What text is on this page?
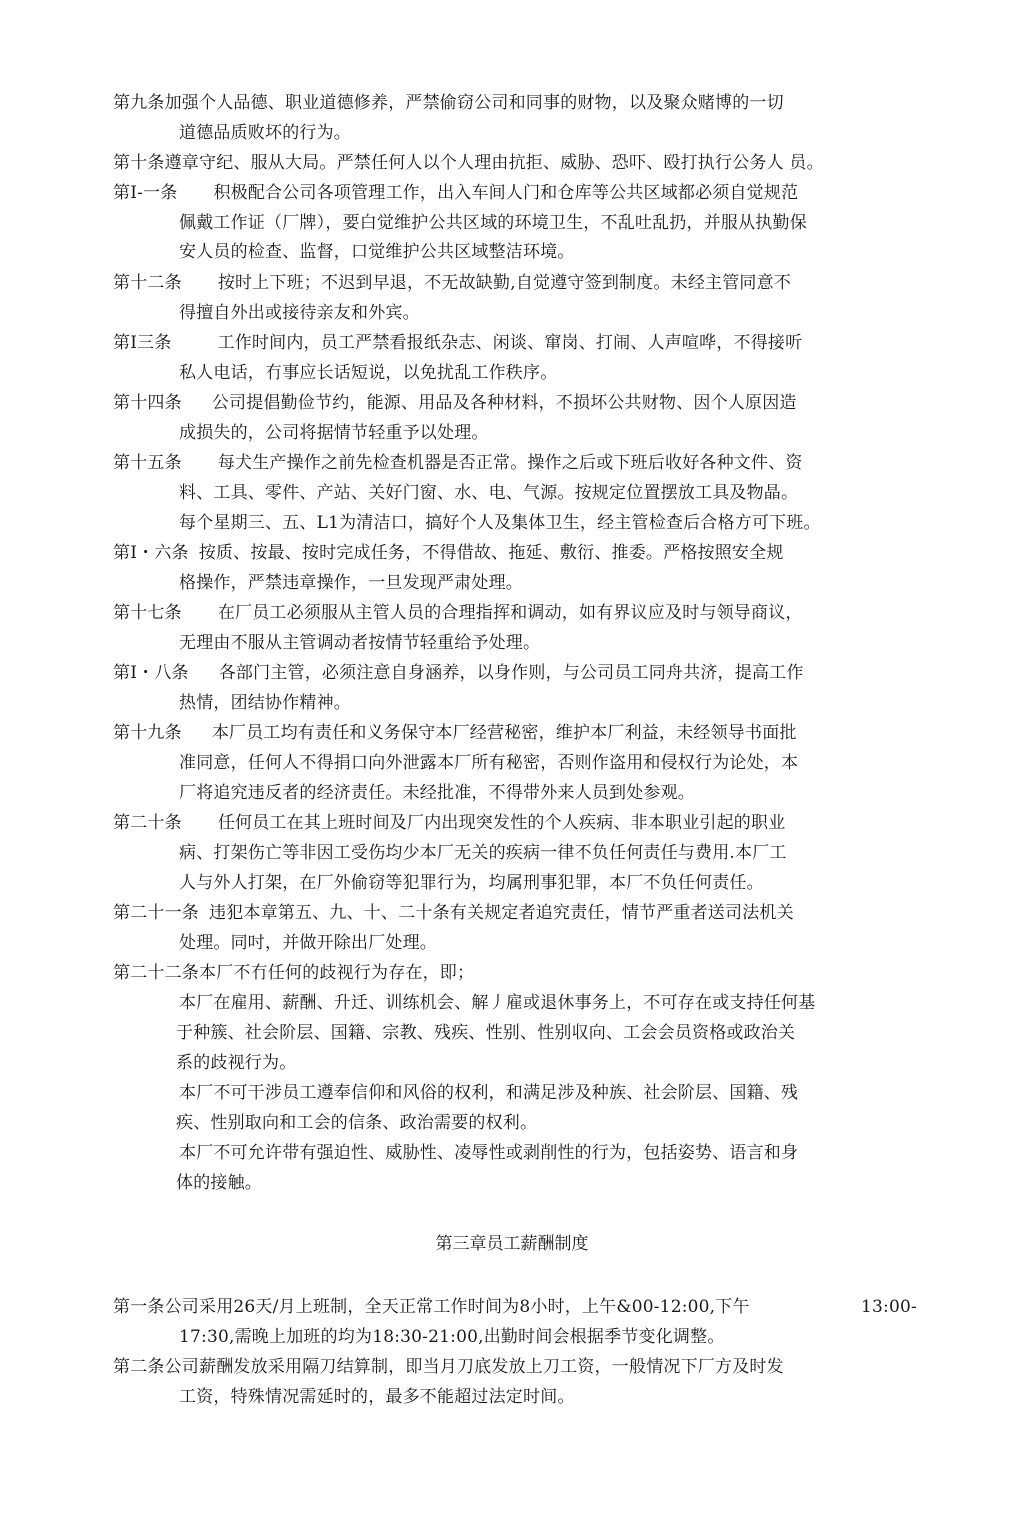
第九条加强个人品德、职业道德修养，严禁偷窃公司和同事的财物，以及聚众赌博的一切
道德品质败坏的行为。
第十条遵章守纪、服从大局。严禁任何人以个人理由抗拒、威胁、恐吓、殴打执行公务人 员。
第I-一条 积极配合公司各项管理工作，出入车间人门和仓库等公共区域都必须自觉规范
佩戴工作证（厂牌），要白觉维护公共区域的环境卫生，不乱吐乱扔，并服从执勤保
安人员的检查、监督，口觉维护公共区域整洁环境。
第十二条 按时上下班；不迟到早退，不无故缺勤,自觉遵守签到制度。未经主管同意不
得擅自外出或接待亲友和外宾。
第I三条	工作时间内，员工严禁看报纸杂志、闲谈、窜岗、打闹、人声喧哗，不得接听
私人电话，冇事应长话短说，以免扰乱工作秩序。
第十四条 公司提倡勤俭节约，能源、用品及各种材料，不损坏公共财物、因个人原因造
成损失的，公司将据情节轻重予以处理。
第十五条 每犬生产操作之前先检查机器是否正常。操作之后或下班后收好各种文件、资
料、工具、零件、产站、关好门窗、水、电、气源。按规定位置摆放工具及物晶。
每个星期三、五、L1为清洁口，搞好个人及集体卫生，经主管检查后合格方可下班。
第I・六条 按质、按最、按时完成任务，不得借故、拖延、敷衍、推委。严格按照安全规
格操作，严禁违章操作，一旦发现严肃处理。
第十七条 在厂员工必须服从主管人员的合理指挥和调动，如有界议应及时与领导商议，
无理由不服从主管调动者按情节轻重给予处理。
第I・八条 各部门主管，必须注意自身涵养，以身作则，与公司员工同舟共济，提高工作
热情，团结协作精神。
第十九条 本厂员工均有责任和义务保守本厂经营秘密，维护本厂利益，未经领导书面批
准同意，任何人不得捐口向外泄露本厂所有秘密，否则作盗用和侵权行为论处，本
厂将追究违反者的经济责任。未经批准，不得带外来人员到处参观。
第二十条 任何员工在其上班时间及厂内出现突发性的个人疾病、非本职业引起的职业
病、打架伤亡等非因工受伤均少本厂无关的疾病一律不负任何责任与费用.本厂工
人与外人打架，在厂外偷窃等犯罪行为，均属刑事犯罪，本厂不负任何责任。
第二十一条 违犯本章第五、九、十、二十条有关规定者追究责任，情节严重者送司法机关
处理。同吋，并做开除出厂处理。
第二十二条本厂不冇任何的歧视行为存在，即；
本厂在雇用、薪酬、升迁、训练机会、解丿雇或退休事务上，不可存在或支持任何基
于种簇、社会阶层、国籍、宗教、残疾、性别、性别収向、工会会员资格或政治关
系的歧视行为。
本厂不可干涉员工遵奉信仰和风俗的权利，和满足涉及种族、社会阶层、国籍、残
疾、性别取向和工会的信条、政治需要的权利。
本厂不可允许带有强迫性、威胁性、凌辱性或剥削性的行为，包括姿势、语言和身
体的接触。
第三章员工薪酬制度
第一条公司采用26天/月上班制，全天正常工作时间为8小时，上午&00-12:00,下午	13:00-
17:30,需晚上加班的均为18:30-21:00,出勤时间会根据季节变化调整。
第二条公司薪酬发放采用隔刀结算制，即当月刀底发放上刀工资，一般情况下厂方及时发
工资，特殊情况需延时的，最多不能超过法定时间。
